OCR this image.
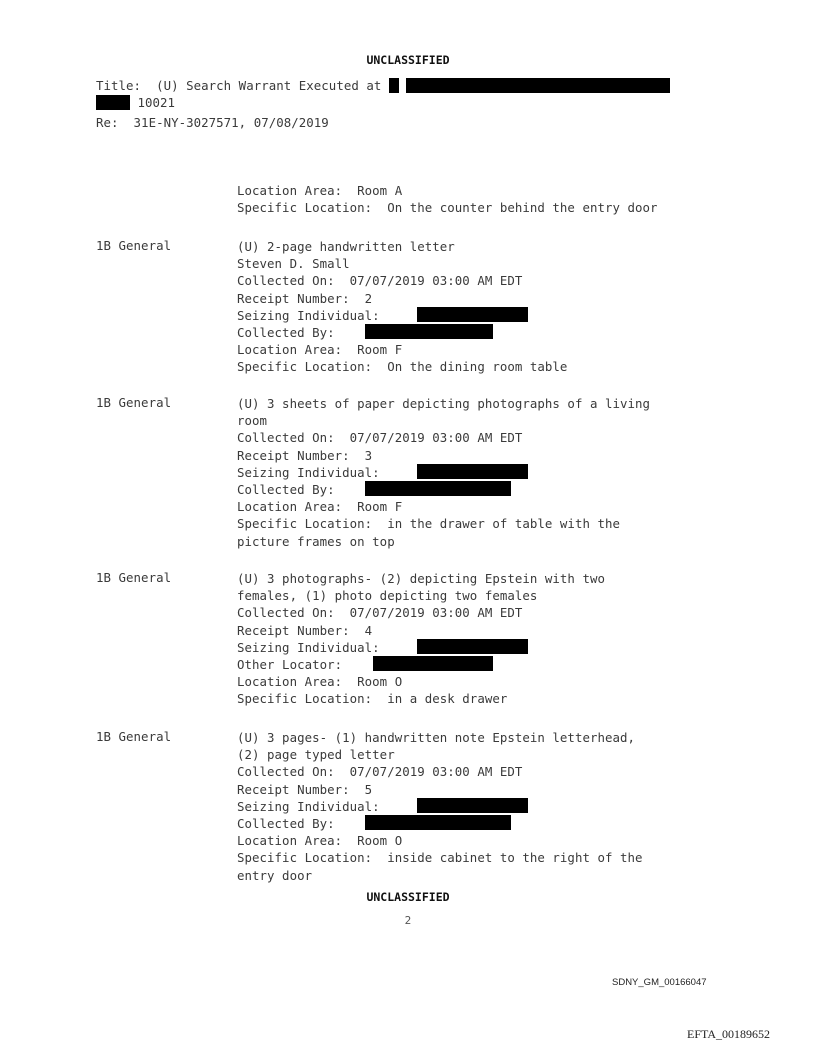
UNCLASSIFIED
Title:  (U) Search Warrant Executed at
10021
Re:  31E-NY-3027571, 07/08/2019
Location Area:  Room A
Specific Location:  On the counter behind the entry door
1B General	(U) 2-page handwritten letter
Steven D. Small
Collected On:  07/07/2019 03:00 AM EDT
Receipt Number:  2
Seizing Individual:
Collected By:
Location Area:  Room F
Specific Location:  On the dining room table
1B General	(U) 3 sheets of paper depicting photographs of a living
room
Collected On:  07/07/2019 03:00 AM EDT
Receipt Number:  3
Seizing Individual:
Collected By:
Location Area:  Room F
Specific Location:  in the drawer of table with the
picture frames on top
1B General	(U) 3 photographs- (2) depicting Epstein with two
females, (1) photo depicting two females
Collected On:  07/07/2019 03:00 AM EDT
Receipt Number:  4
Seizing Individual:
Other Locator:
Location Area:  Room O
Specific Location:  in a desk drawer
1B General	(U) 3 pages- (1) handwritten note Epstein letterhead,
(2) page typed letter
Collected On:  07/07/2019 03:00 AM EDT
Receipt Number:  5
Seizing Individual:
Collected By:
Location Area:  Room O
Specific Location:  inside cabinet to the right of the
entry door
UNCLASSIFIED
2
SDNY_GM_00166047
EFTA_00189652
